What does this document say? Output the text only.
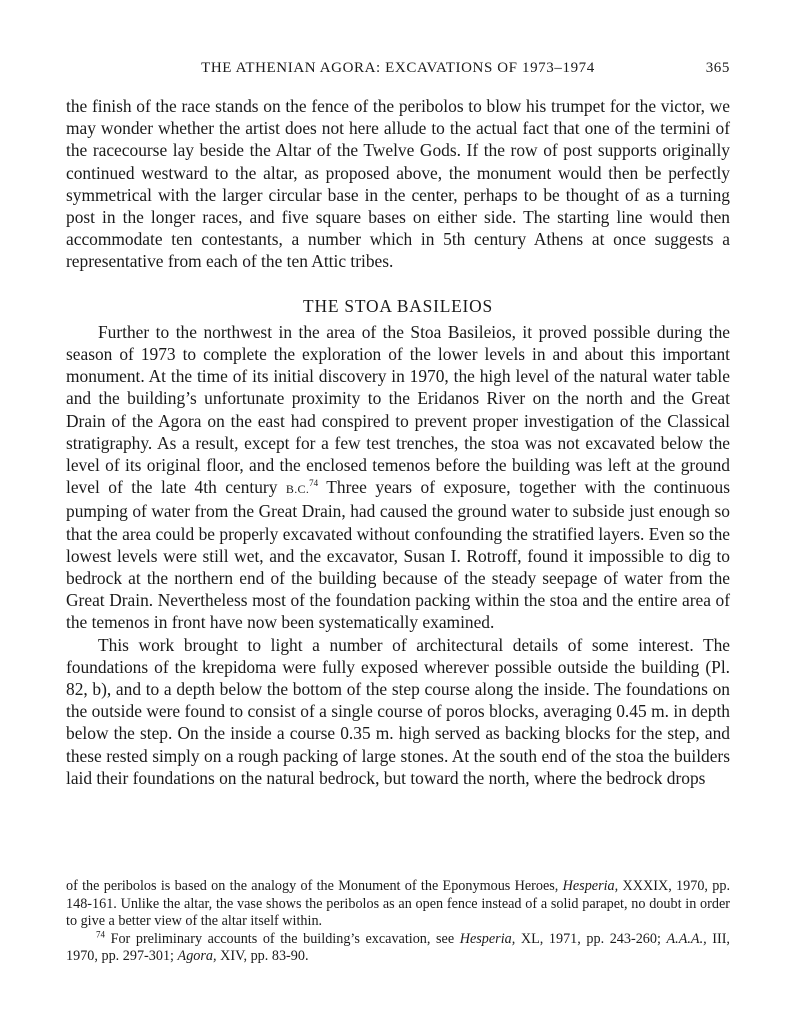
THE ATHENIAN AGORA: EXCAVATIONS OF 1973–1974	365

the finish of the race stands on the fence of the peribolos to blow his trumpet for the victor, we may wonder whether the artist does not here allude to the actual fact that one of the termini of the racecourse lay beside the Altar of the Twelve Gods. If the row of post supports originally continued westward to the altar, as proposed above, the monument would then be perfectly symmetrical with the larger circular base in the center, perhaps to be thought of as a turning post in the longer races, and five square bases on either side. The starting line would then accommodate ten contestants, a number which in 5th century Athens at once suggests a representative from each of the ten Attic tribes.

THE STOA BASILEIOS

Further to the northwest in the area of the Stoa Basileios, it proved possible during the season of 1973 to complete the exploration of the lower levels in and about this important monument. At the time of its initial discovery in 1970, the high level of the natural water table and the building’s unfortunate proximity to the Eridanos River on the north and the Great Drain of the Agora on the east had conspired to prevent proper investigation of the Classical stratigraphy. As a result, except for a few test trenches, the stoa was not excavated below the level of its original floor, and the enclosed temenos before the building was left at the ground level of the late 4th century B.C.$^{74}$ Three years of exposure, together with the continuous pumping of water from the Great Drain, had caused the ground water to subside just enough so that the area could be properly excavated without confounding the stratified layers. Even so the lowest levels were still wet, and the excavator, Susan I. Rotroff, found it impossible to dig to bedrock at the northern end of the building because of the steady seepage of water from the Great Drain. Nevertheless most of the foundation packing within the stoa and the entire area of the temenos in front have now been systematically examined.

This work brought to light a number of architectural details of some interest. The foundations of the krepidoma were fully exposed wherever possible outside the building (Pl. 82, b), and to a depth below the bottom of the step course along the inside. The foundations on the outside were found to consist of a single course of poros blocks, averaging 0.45 m. in depth below the step. On the inside a course 0.35 m. high served as backing blocks for the step, and these rested simply on a rough packing of large stones. At the south end of the stoa the builders laid their foundations on the natural bedrock, but toward the north, where the bedrock drops

of the peribolos is based on the analogy of the Monument of the Eponymous Heroes, Hesperia, XXXIX, 1970, pp. 148-161. Unlike the altar, the vase shows the peribolos as an open fence instead of a solid parapet, no doubt in order to give a better view of the altar itself within.

$^{74}$ For preliminary accounts of the building’s excavation, see Hesperia, XL, 1971, pp. 243-260; A.A.A., III, 1970, pp. 297-301; Agora, XIV, pp. 83-90.
